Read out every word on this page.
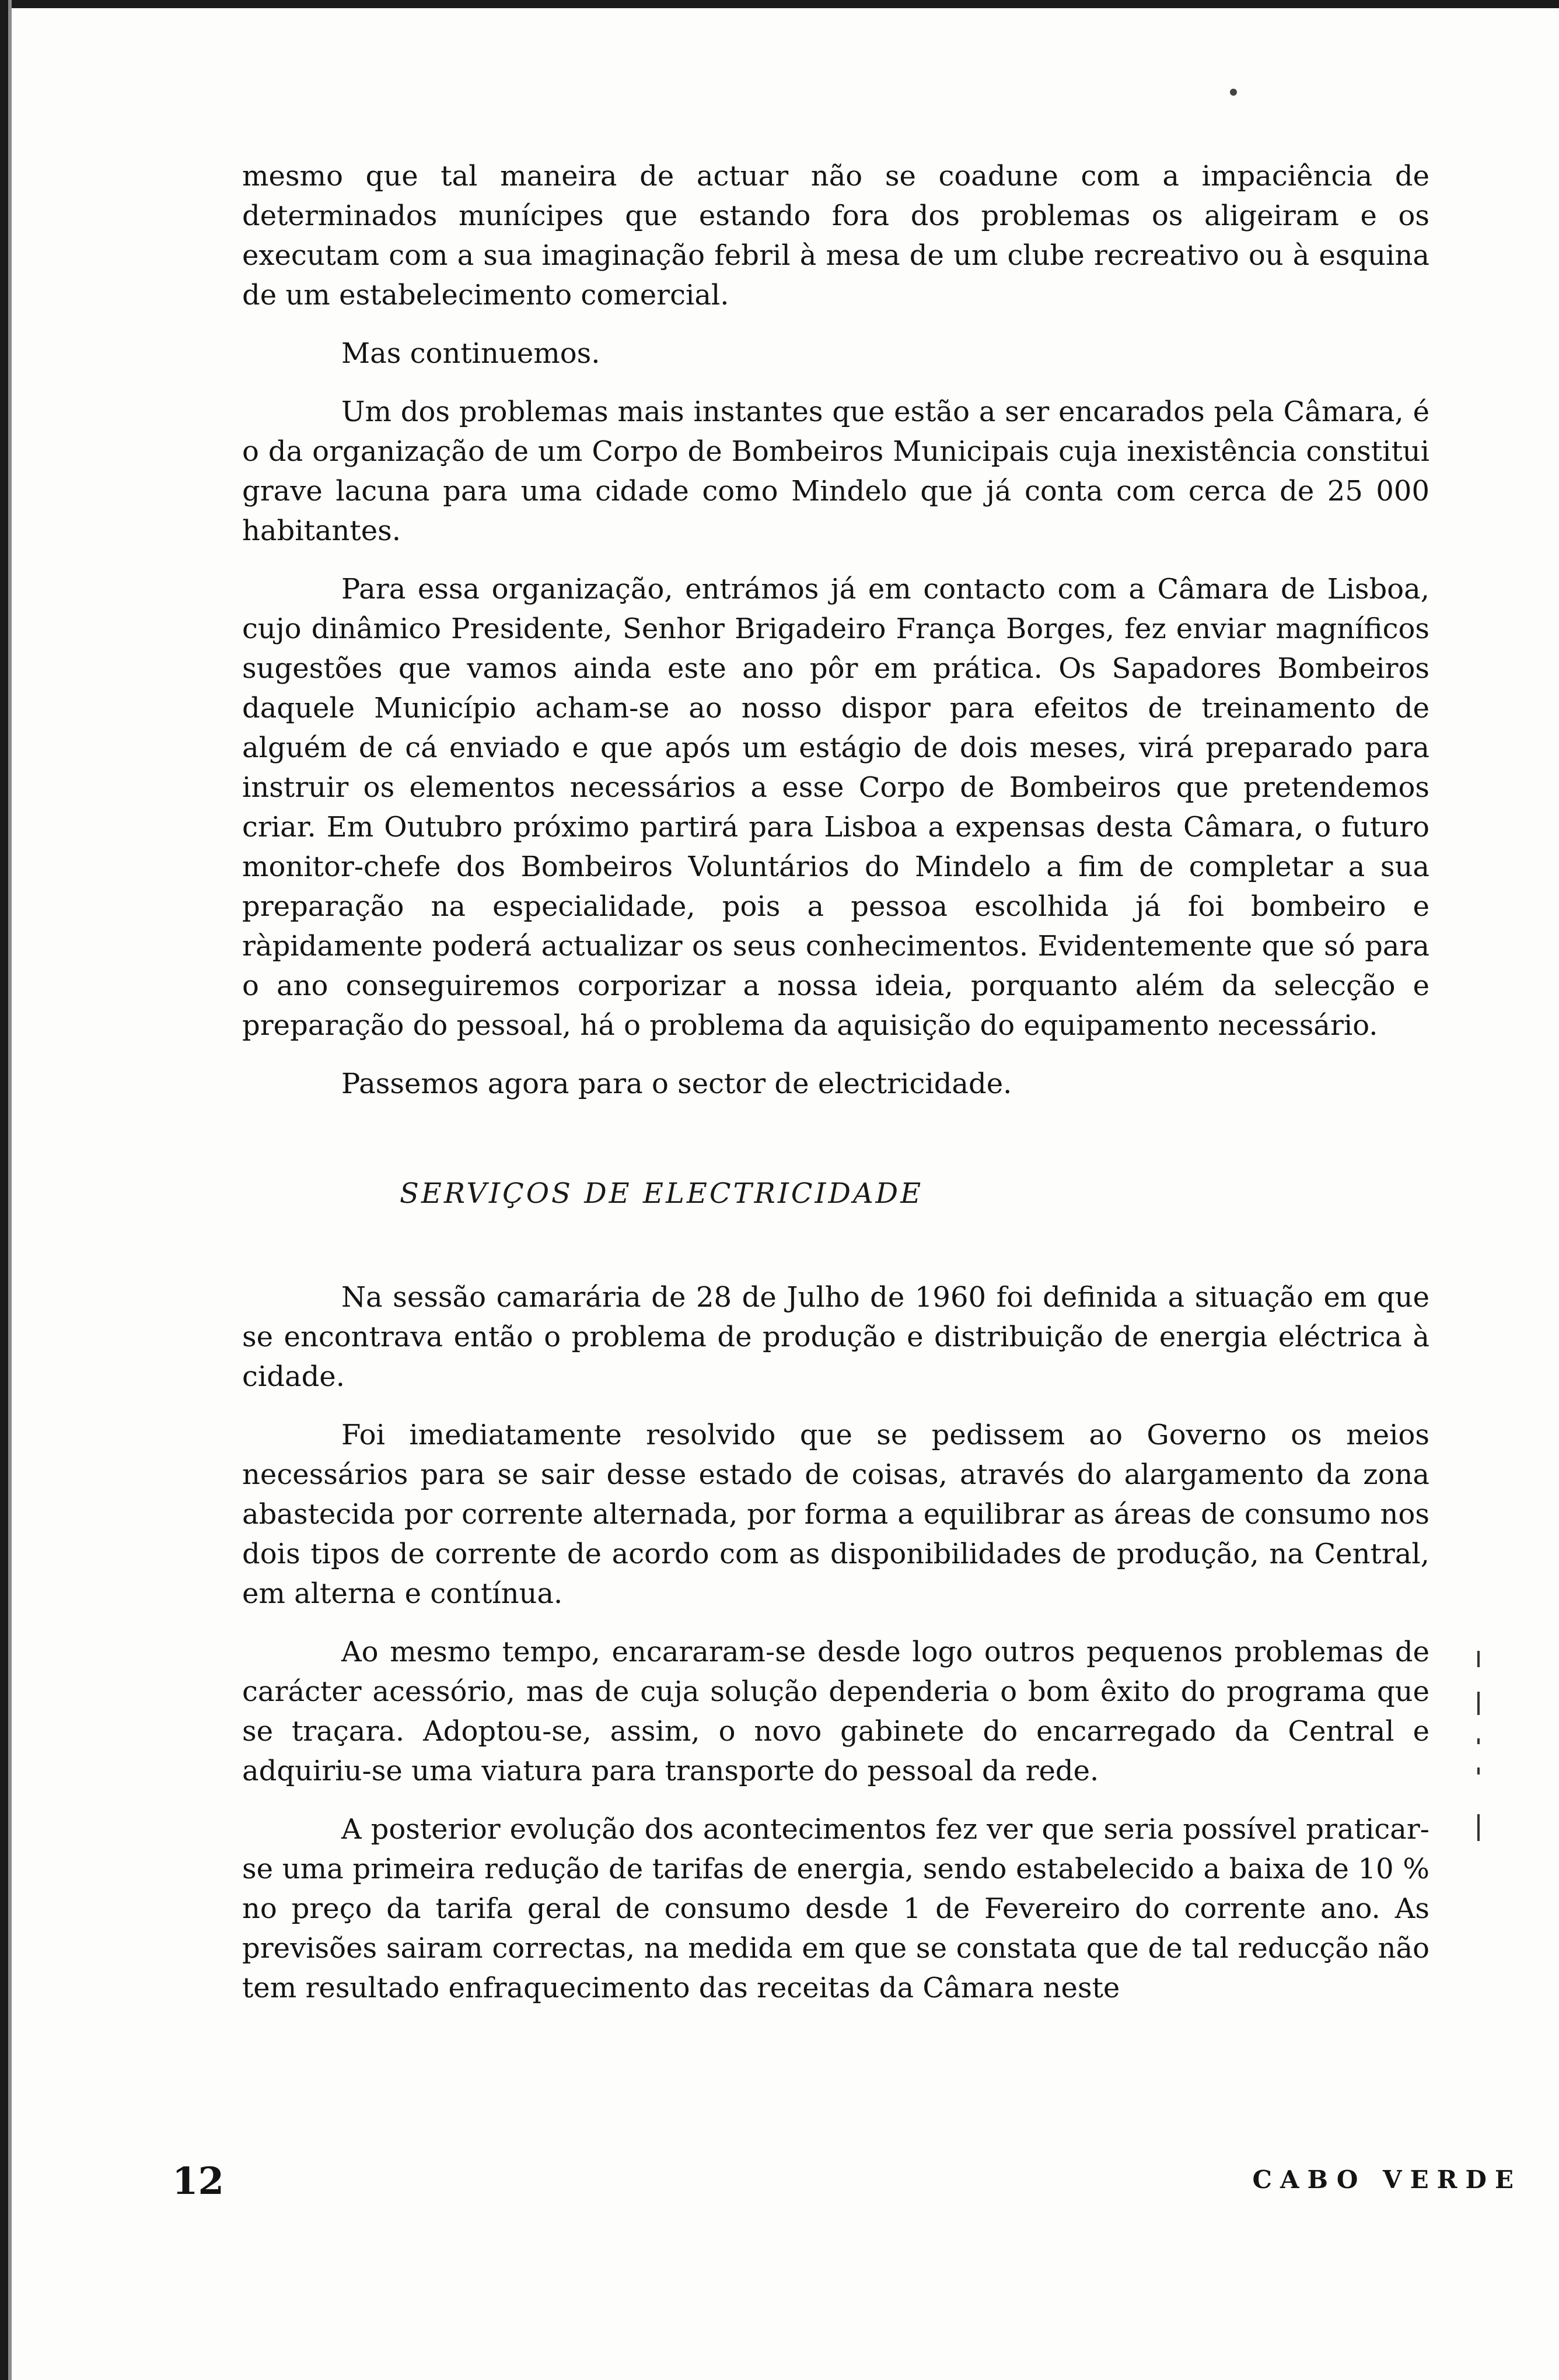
mesmo que tal maneira de actuar não se coadune com a impaciência de determinados munícipes que estando fora dos problemas os aligeiram e os executam com a sua imaginação febril à mesa de um clube recreativo ou à esquina de um estabelecimento comercial.

Mas continuemos.

Um dos problemas mais instantes que estão a ser encarados pela Câmara, é o da organização de um Corpo de Bombeiros Municipais cuja inexistência constitui grave lacuna para uma cidade como Mindelo que já conta com cerca de 25 000 habitantes.

Para essa organização, entrámos já em contacto com a Câmara de Lisboa, cujo dinâmico Presidente, Senhor Brigadeiro França Borges, fez enviar magníficos sugestões que vamos ainda este ano pôr em prática. Os Sapadores Bombeiros daquele Município acham-se ao nosso dispor para efeitos de treinamento de alguém de cá enviado e que após um estágio de dois meses, virá preparado para instruir os elementos necessários a esse Corpo de Bombeiros que pretendemos criar. Em Outubro próximo partirá para Lisboa a expensas desta Câmara, o futuro monitor-chefe dos Bombeiros Voluntários do Mindelo a fim de completar a sua preparação na especialidade, pois a pessoa escolhida já foi bombeiro e ràpidamente poderá actualizar os seus conhecimentos. Evidentemente que só para o ano conseguiremos corporizar a nossa ideia, porquanto além da selecção e preparação do pessoal, há o problema da aquisição do equipamento necessário.

Passemos agora para o sector de electricidade.

SERVIÇOS DE ELECTRICIDADE

Na sessão camarária de 28 de Julho de 1960 foi definida a situação em que se encontrava então o problema de produção e distribuição de energia eléctrica à cidade.

Foi imediatamente resolvido que se pedissem ao Governo os meios necessários para se sair desse estado de coisas, através do alargamento da zona abastecida por corrente alternada, por forma a equilibrar as áreas de consumo nos dois tipos de corrente de acordo com as disponibilidades de produção, na Central, em alterna e contínua.

Ao mesmo tempo, encararam-se desde logo outros pequenos problemas de carácter acessório, mas de cuja solução dependeria o bom êxito do programa que se traçara. Adoptou-se, assim, o novo gabinete do encarregado da Central e adquiriu-se uma viatura para transporte do pessoal da rede.

A posterior evolução dos acontecimentos fez ver que seria possível praticar-se uma primeira redução de tarifas de energia, sendo estabelecido a baixa de 10 % no preço da tarifa geral de consumo desde 1 de Fevereiro do corrente ano. As previsões sairam correctas, na medida em que se constata que de tal reducção não tem resultado enfraquecimento das receitas da Câmara neste

12	CABO VERDE
